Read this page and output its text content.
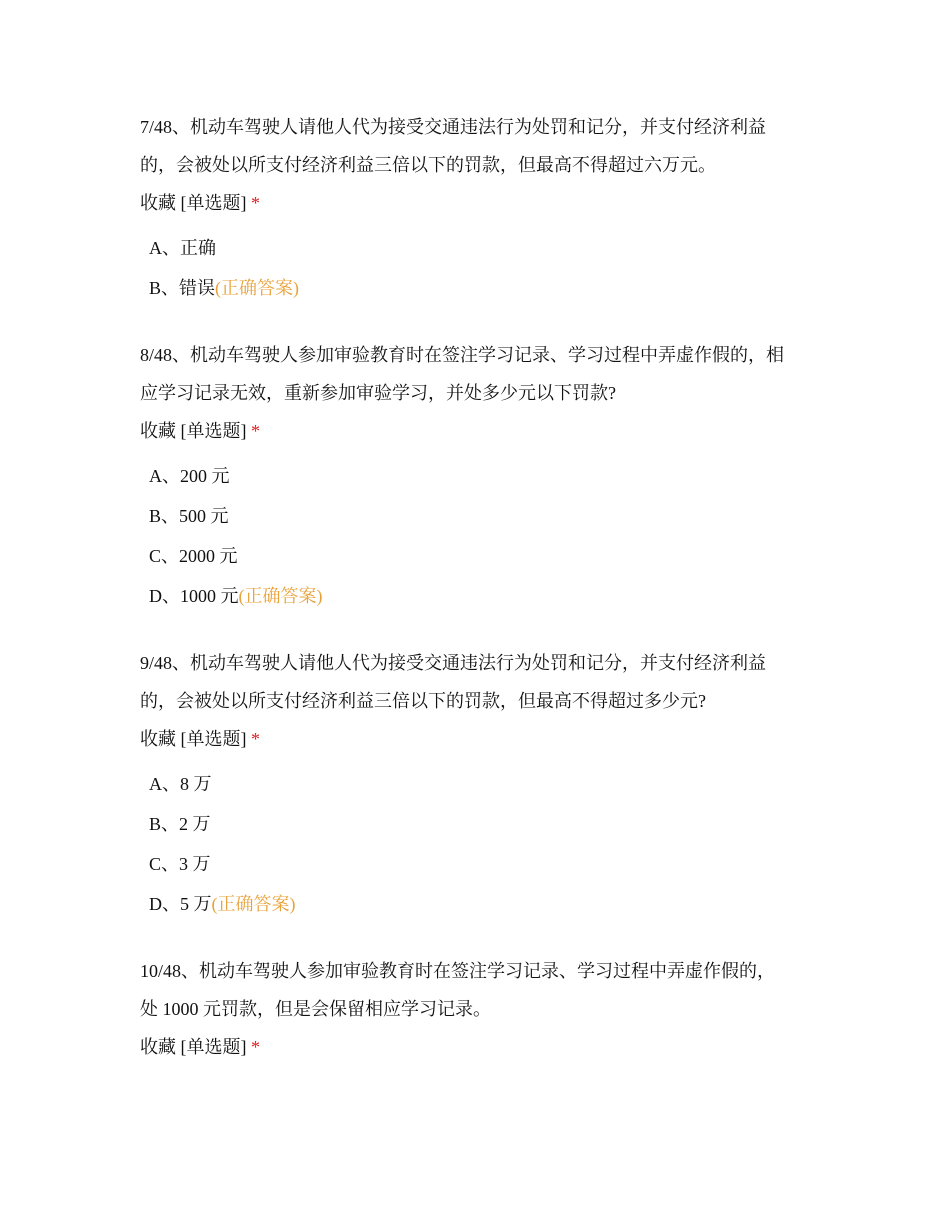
7/48、机动车驾驶人请他人代为接受交通违法行为处罚和记分，并支付经济利益
的，会被处以所支付经济利益三倍以下的罚款，但最高不得超过六万元。

收藏 [单选题] *

A、正确
B、错误(正确答案)

8/48、机动车驾驶人参加审验教育时在签注学习记录、学习过程中弄虚作假的，相
应学习记录无效，重新参加审验学习，并处多少元以下罚款?

收藏 [单选题] *

A、200 元
B、500 元
C、2000 元
D、1000 元(正确答案)

9/48、机动车驾驶人请他人代为接受交通违法行为处罚和记分，并支付经济利益
的，会被处以所支付经济利益三倍以下的罚款，但最高不得超过多少元?

收藏 [单选题] *

A、8 万
B、2 万
C、3 万
D、5 万(正确答案)

10/48、机动车驾驶人参加审验教育时在签注学习记录、学习过程中弄虚作假的，
处 1000 元罚款，但是会保留相应学习记录。

收藏 [单选题] *
